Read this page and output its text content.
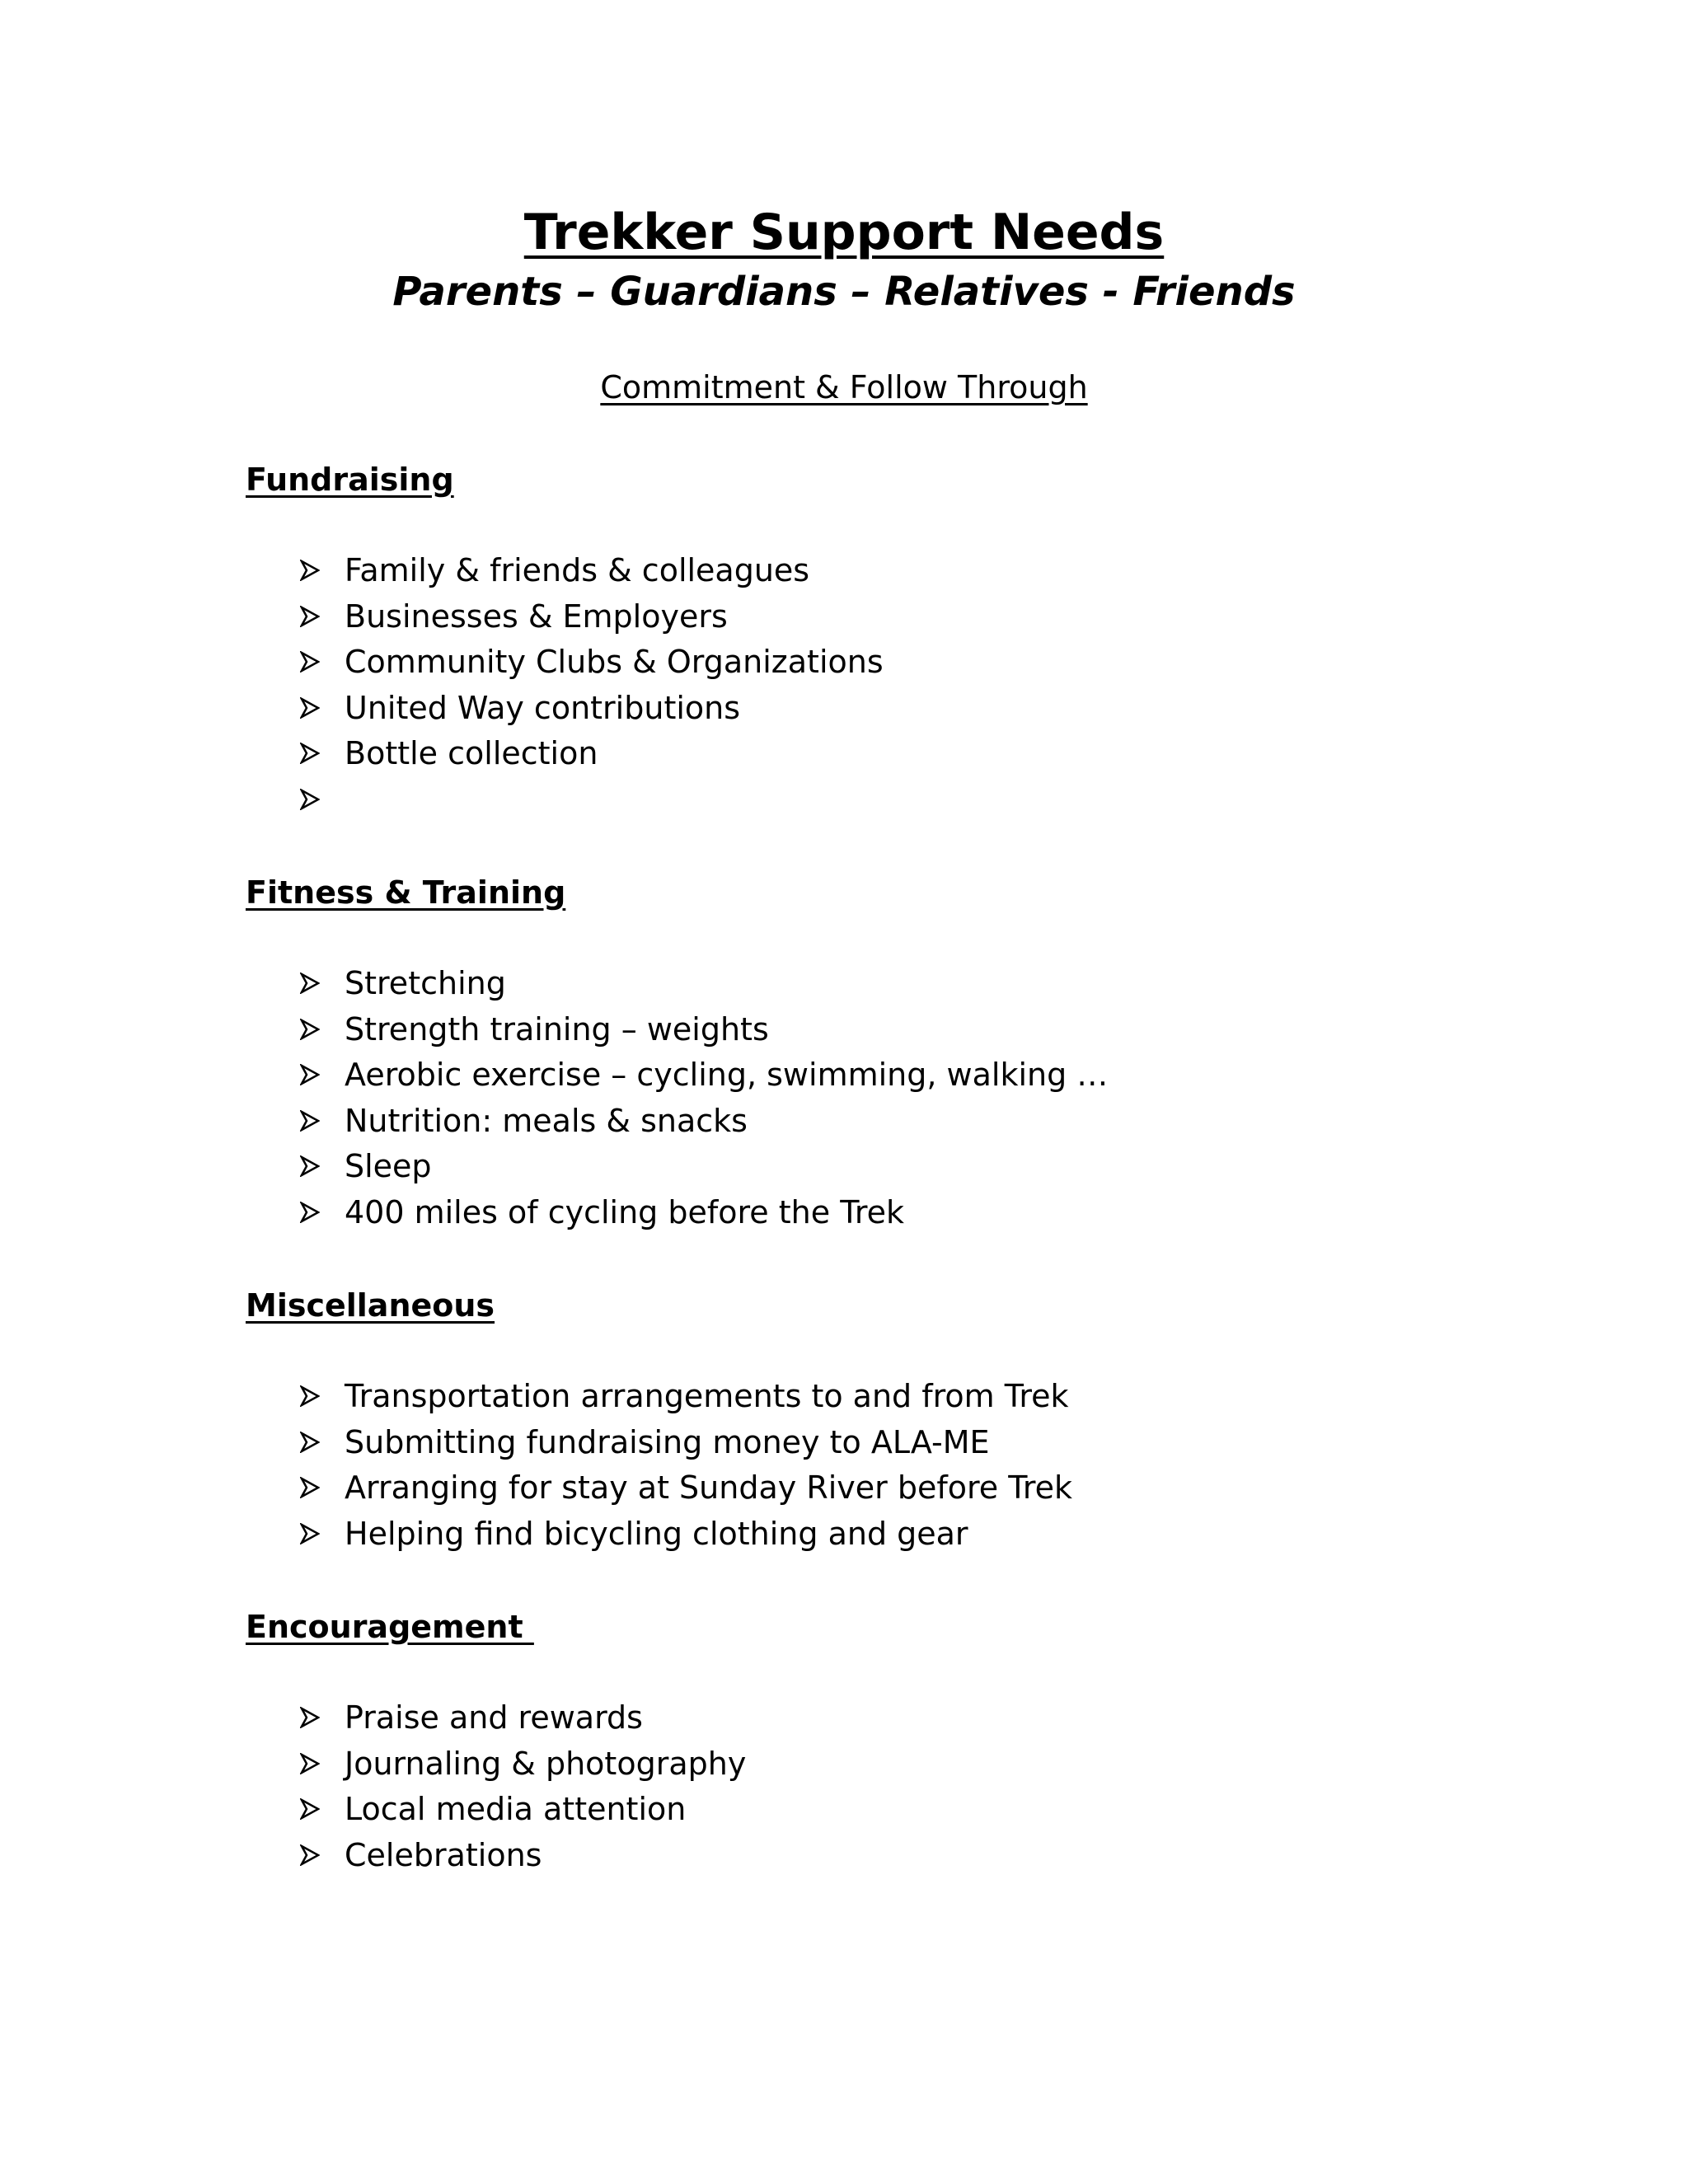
Trekker Support Needs
Parents – Guardians – Relatives - Friends
Commitment & Follow Through
Fundraising
Family & friends & colleagues
Businesses & Employers
Community Clubs & Organizations
United Way contributions
Bottle collection
Fitness & Training
Stretching
Strength training – weights
Aerobic exercise – cycling, swimming, walking …
Nutrition: meals & snacks
Sleep
400 miles of cycling before the Trek
Miscellaneous
Transportation arrangements to and from Trek
Submitting fundraising money to ALA-ME
Arranging for stay at Sunday River before Trek
Helping find bicycling clothing and gear
Encouragement
Praise and rewards
Journaling & photography
Local media attention
Celebrations
